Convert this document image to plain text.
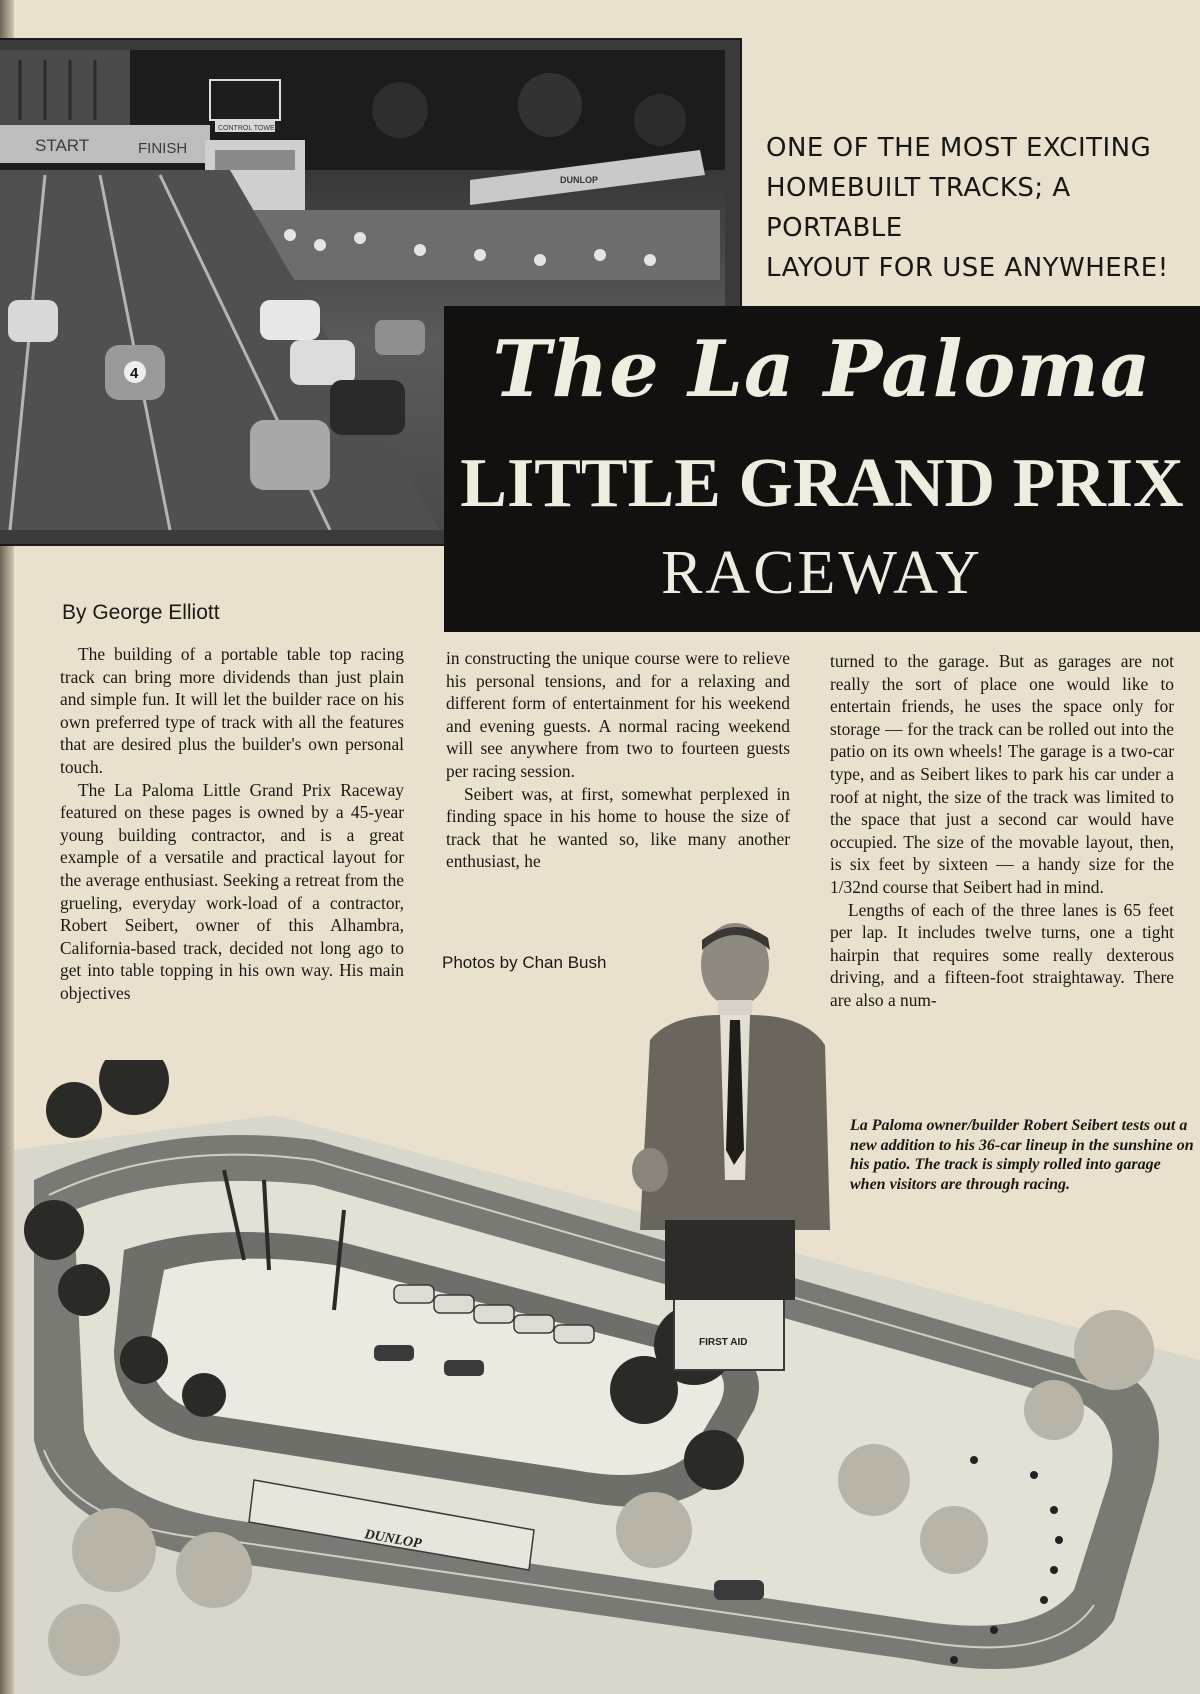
START	FINISH
CONTROL TOWER
DUNLOP
4
ONE OF THE MOST EXCITING
HOMEBUILT TRACKS; A PORTABLE
LAYOUT FOR USE ANYWHERE!
The La Paloma
LITTLE GRAND PRIX
RACEWAY
By George Elliott

The building of a portable table top racing track can bring more dividends than just plain and simple fun. It will let the builder race on his own preferred type of track with all the features that are desired plus the builder's own personal touch.

The La Paloma Little Grand Prix Raceway featured on these pages is owned by a 45-year young building contractor, and is a great example of a versatile and practical layout for the average enthusiast. Seeking a retreat from the grueling, everyday work-load of a contractor, Robert Seibert, owner of this Alhambra, California-based track, decided not long ago to get into table topping in his own way. His main objectives

in constructing the unique course were to relieve his personal tensions, and for a relaxing and different form of entertainment for his weekend and evening guests. A normal racing weekend will see anywhere from two to fourteen guests per racing session.

Seibert was, at first, somewhat perplexed in finding space in his home to house the size of track that he wanted so, like many another enthusiast, he

turned to the garage. But as garages are not really the sort of place one would like to entertain friends, he uses the space only for storage — for the track can be rolled out into the patio on its own wheels! The garage is a two-car type, and as Seibert likes to park his car under a roof at night, the size of the track was limited to the space that just a second car would have occupied. The size of the movable layout, then, is six feet by sixteen — a handy size for the 1/32nd course that Seibert had in mind.

Lengths of each of the three lanes is 65 feet per lap. It includes twelve turns, one a tight hairpin that requires some really dexterous driving, and a fifteen-foot straightaway. There are also a num-

Photos by Chan Bush
FIRST AID
DUNLOP
La Paloma owner/builder Robert Seibert tests out a new addition to his 36-car lineup in the sunshine on his patio. The track is simply rolled into garage when visitors are through racing.
